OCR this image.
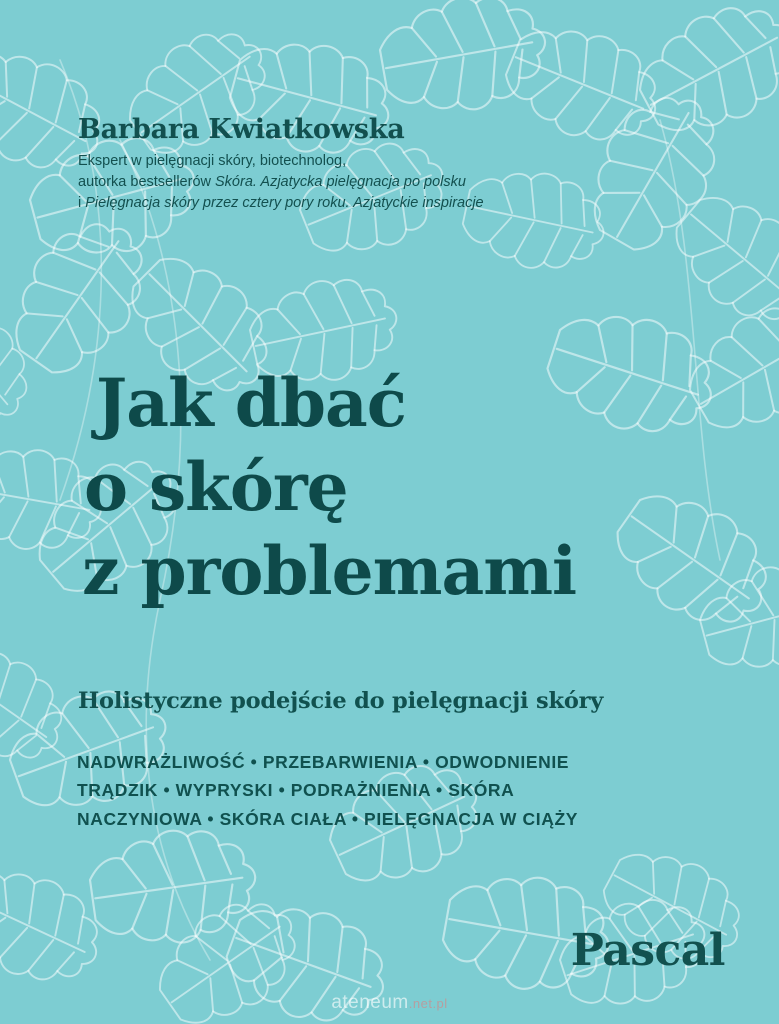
Barbara Kwiatkowska

Ekspert w pielęgnacji skóry, biotechnolog,
autorka bestsellerów Skóra. Azjatycka pielęgnacja po polsku
i Pielęgnacja skóry przez cztery pory roku. Azjatyckie inspiracje

Jak dbać
o skórę
z problemami
Holistyczne podejście do pielęgnacji skóry
NADWRAŻLIWOŚĆ • PRZEBARWIENIA • ODWODNIENIE
TRĄDZIK • WYPRYSKI • PODRAŻNIENIA • SKÓRA
NACZYNIOWA • SKÓRA CIAŁA • PIELĘGNACJA W CIĄŻY
Pascal
ateneum.net.pl
